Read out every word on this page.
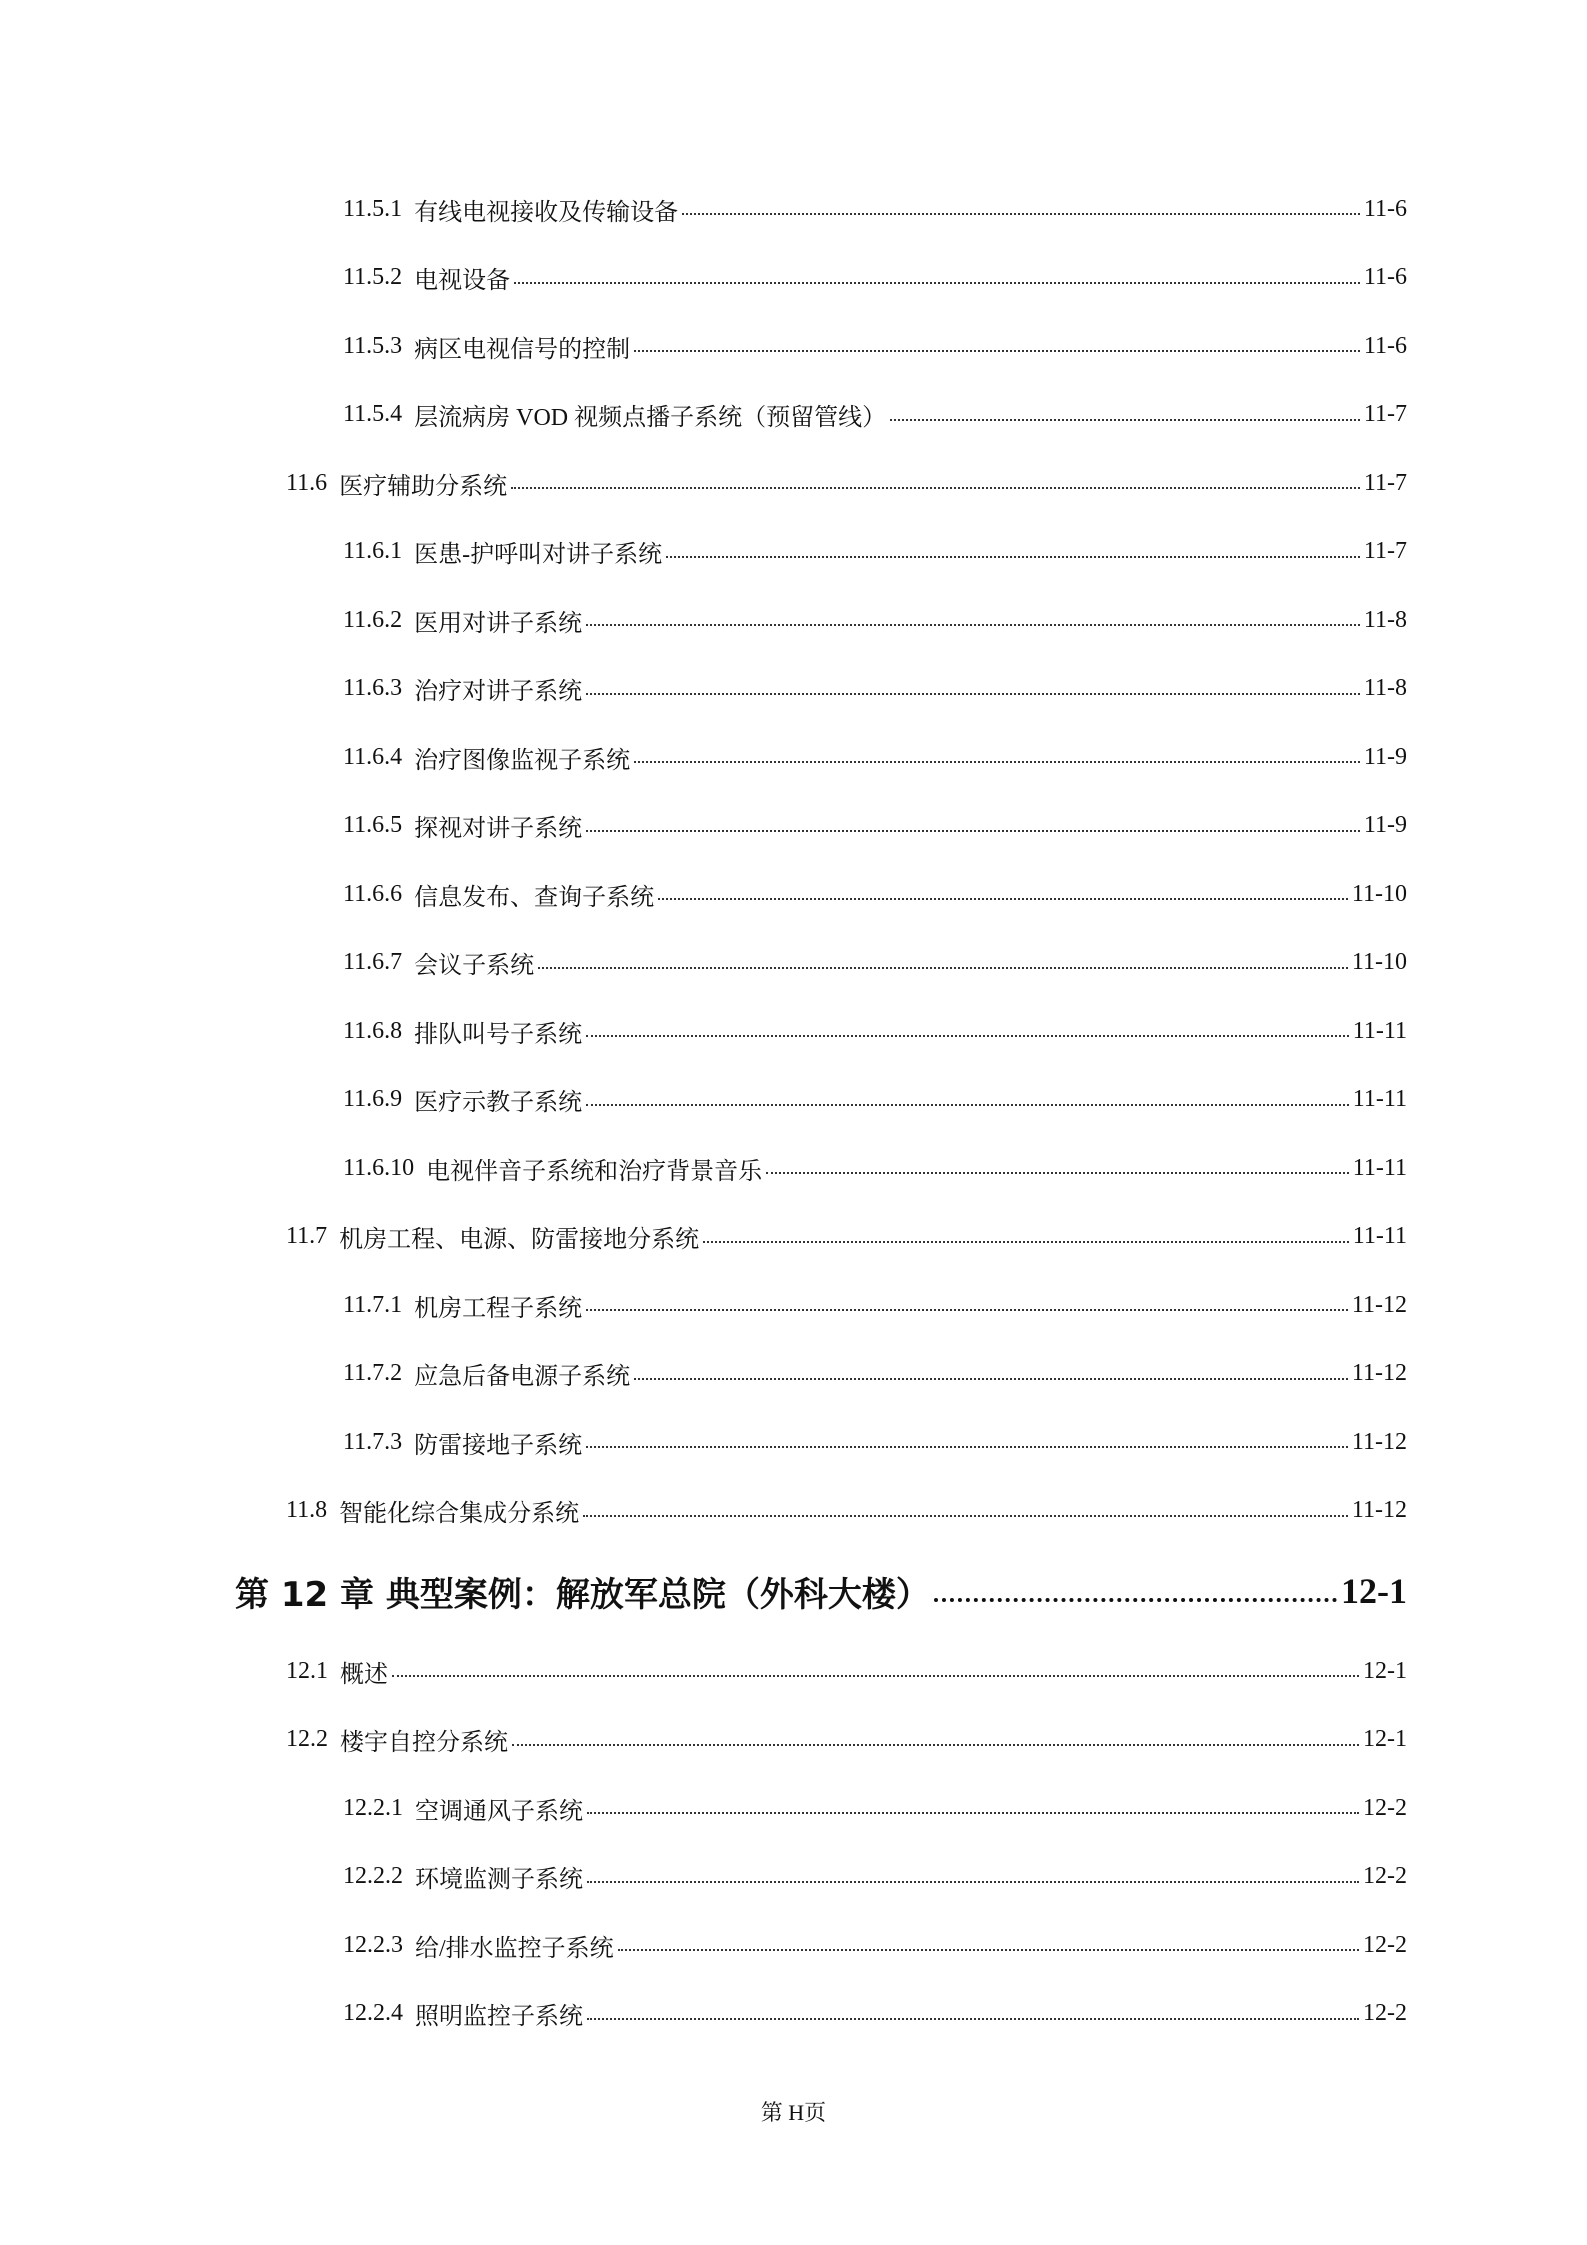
11.5.1 有线电视接收及传输设备	11-6
11.5.2 电视设备	11-6
11.5.3 病区电视信号的控制	11-6
11.5.4 层流病房 VOD 视频点播子系统（预留管线）	11-7
11.6 医疗辅助分系统	11-7
11.6.1 医患-护呼叫对讲子系统	11-7
11.6.2 医用对讲子系统	11-8
11.6.3 治疗对讲子系统	11-8
11.6.4 治疗图像监视子系统	11-9
11.6.5 探视对讲子系统	11-9
11.6.6 信息发布、查询子系统	11-10
11.6.7 会议子系统	11-10
11.6.8 排队叫号子系统	11-11
11.6.9 医疗示教子系统	11-11
11.6.10 电视伴音子系统和治疗背景音乐	11-11
11.7 机房工程、电源、防雷接地分系统	11-11
11.7.1 机房工程子系统	11-12
11.7.2 应急后备电源子系统	11-12
11.7.3 防雷接地子系统	11-12
11.8 智能化综合集成分系统	11-12
第 12 章 典型案例：解放军总院（外科大楼）	12-1
12.1 概述	12-1
12.2 楼宇自控分系统	12-1
12.2.1 空调通风子系统	12-2
12.2.2 环境监测子系统	12-2
12.2.3 给/排水监控子系统	12-2
12.2.4 照明监控子系统	12-2
第 H页
